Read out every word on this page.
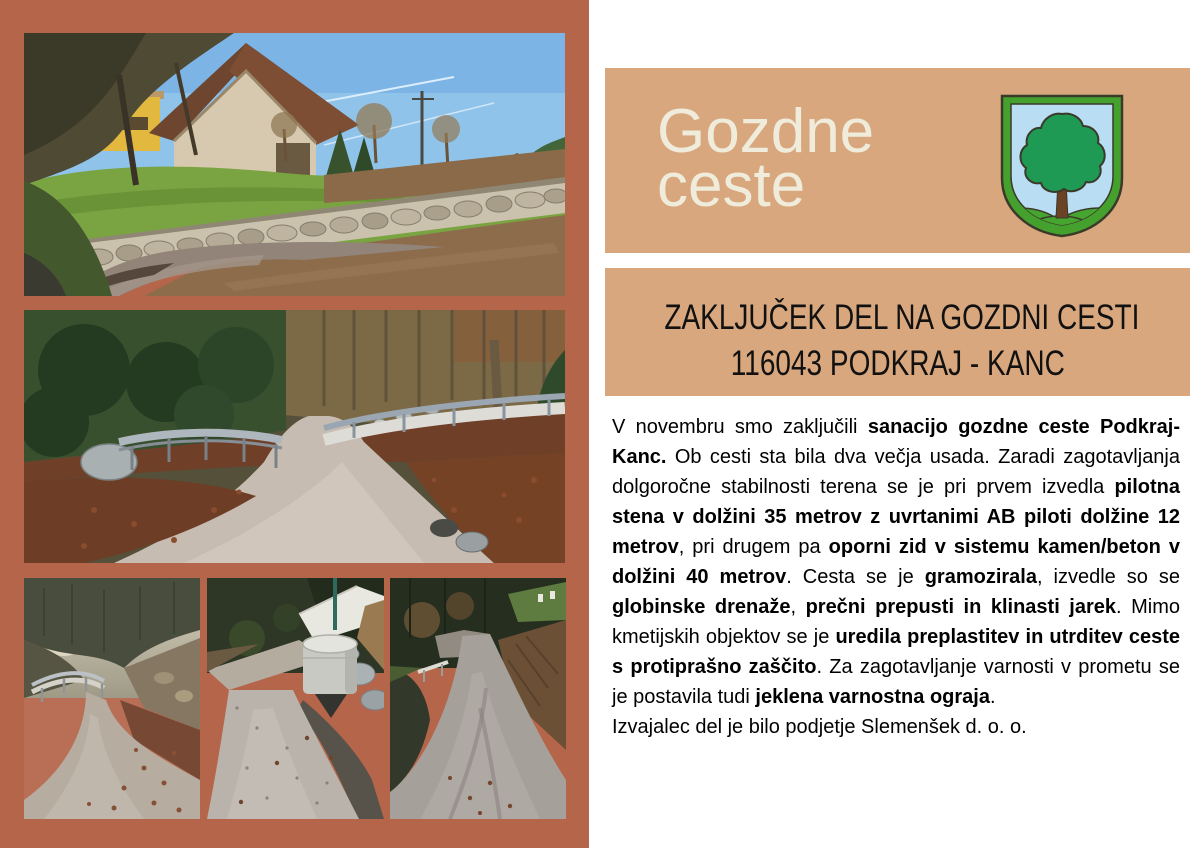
Gozdne
ceste
ZAKLJUČEK DEL NA GOZDNI CESTI
116043 PODKRAJ - KANC

V novembru smo zaključili sanacijo gozdne ceste Podkraj-Kanc. Ob cesti sta bila dva večja usada. Zaradi zagotavljanja dolgoročne stabilnosti terena se je pri prvem izvedla pilotna stena v dolžini 35 metrov z uvrtanimi AB piloti dolžine 12 metrov, pri drugem pa oporni zid v sistemu kamen/beton v dolžini 40 metrov. Cesta se je gramozirala, izvedle so se globinske drenaže, prečni prepusti in klinasti jarek. Mimo kmetijskih objektov se je uredila preplastitev in utrditev ceste s protiprašno zaščito. Za zagotavljanje varnosti v prometu se je postavila tudi jeklena varnostna ograja.

Izvajalec del je bilo podjetje Slemenšek d. o. o.
